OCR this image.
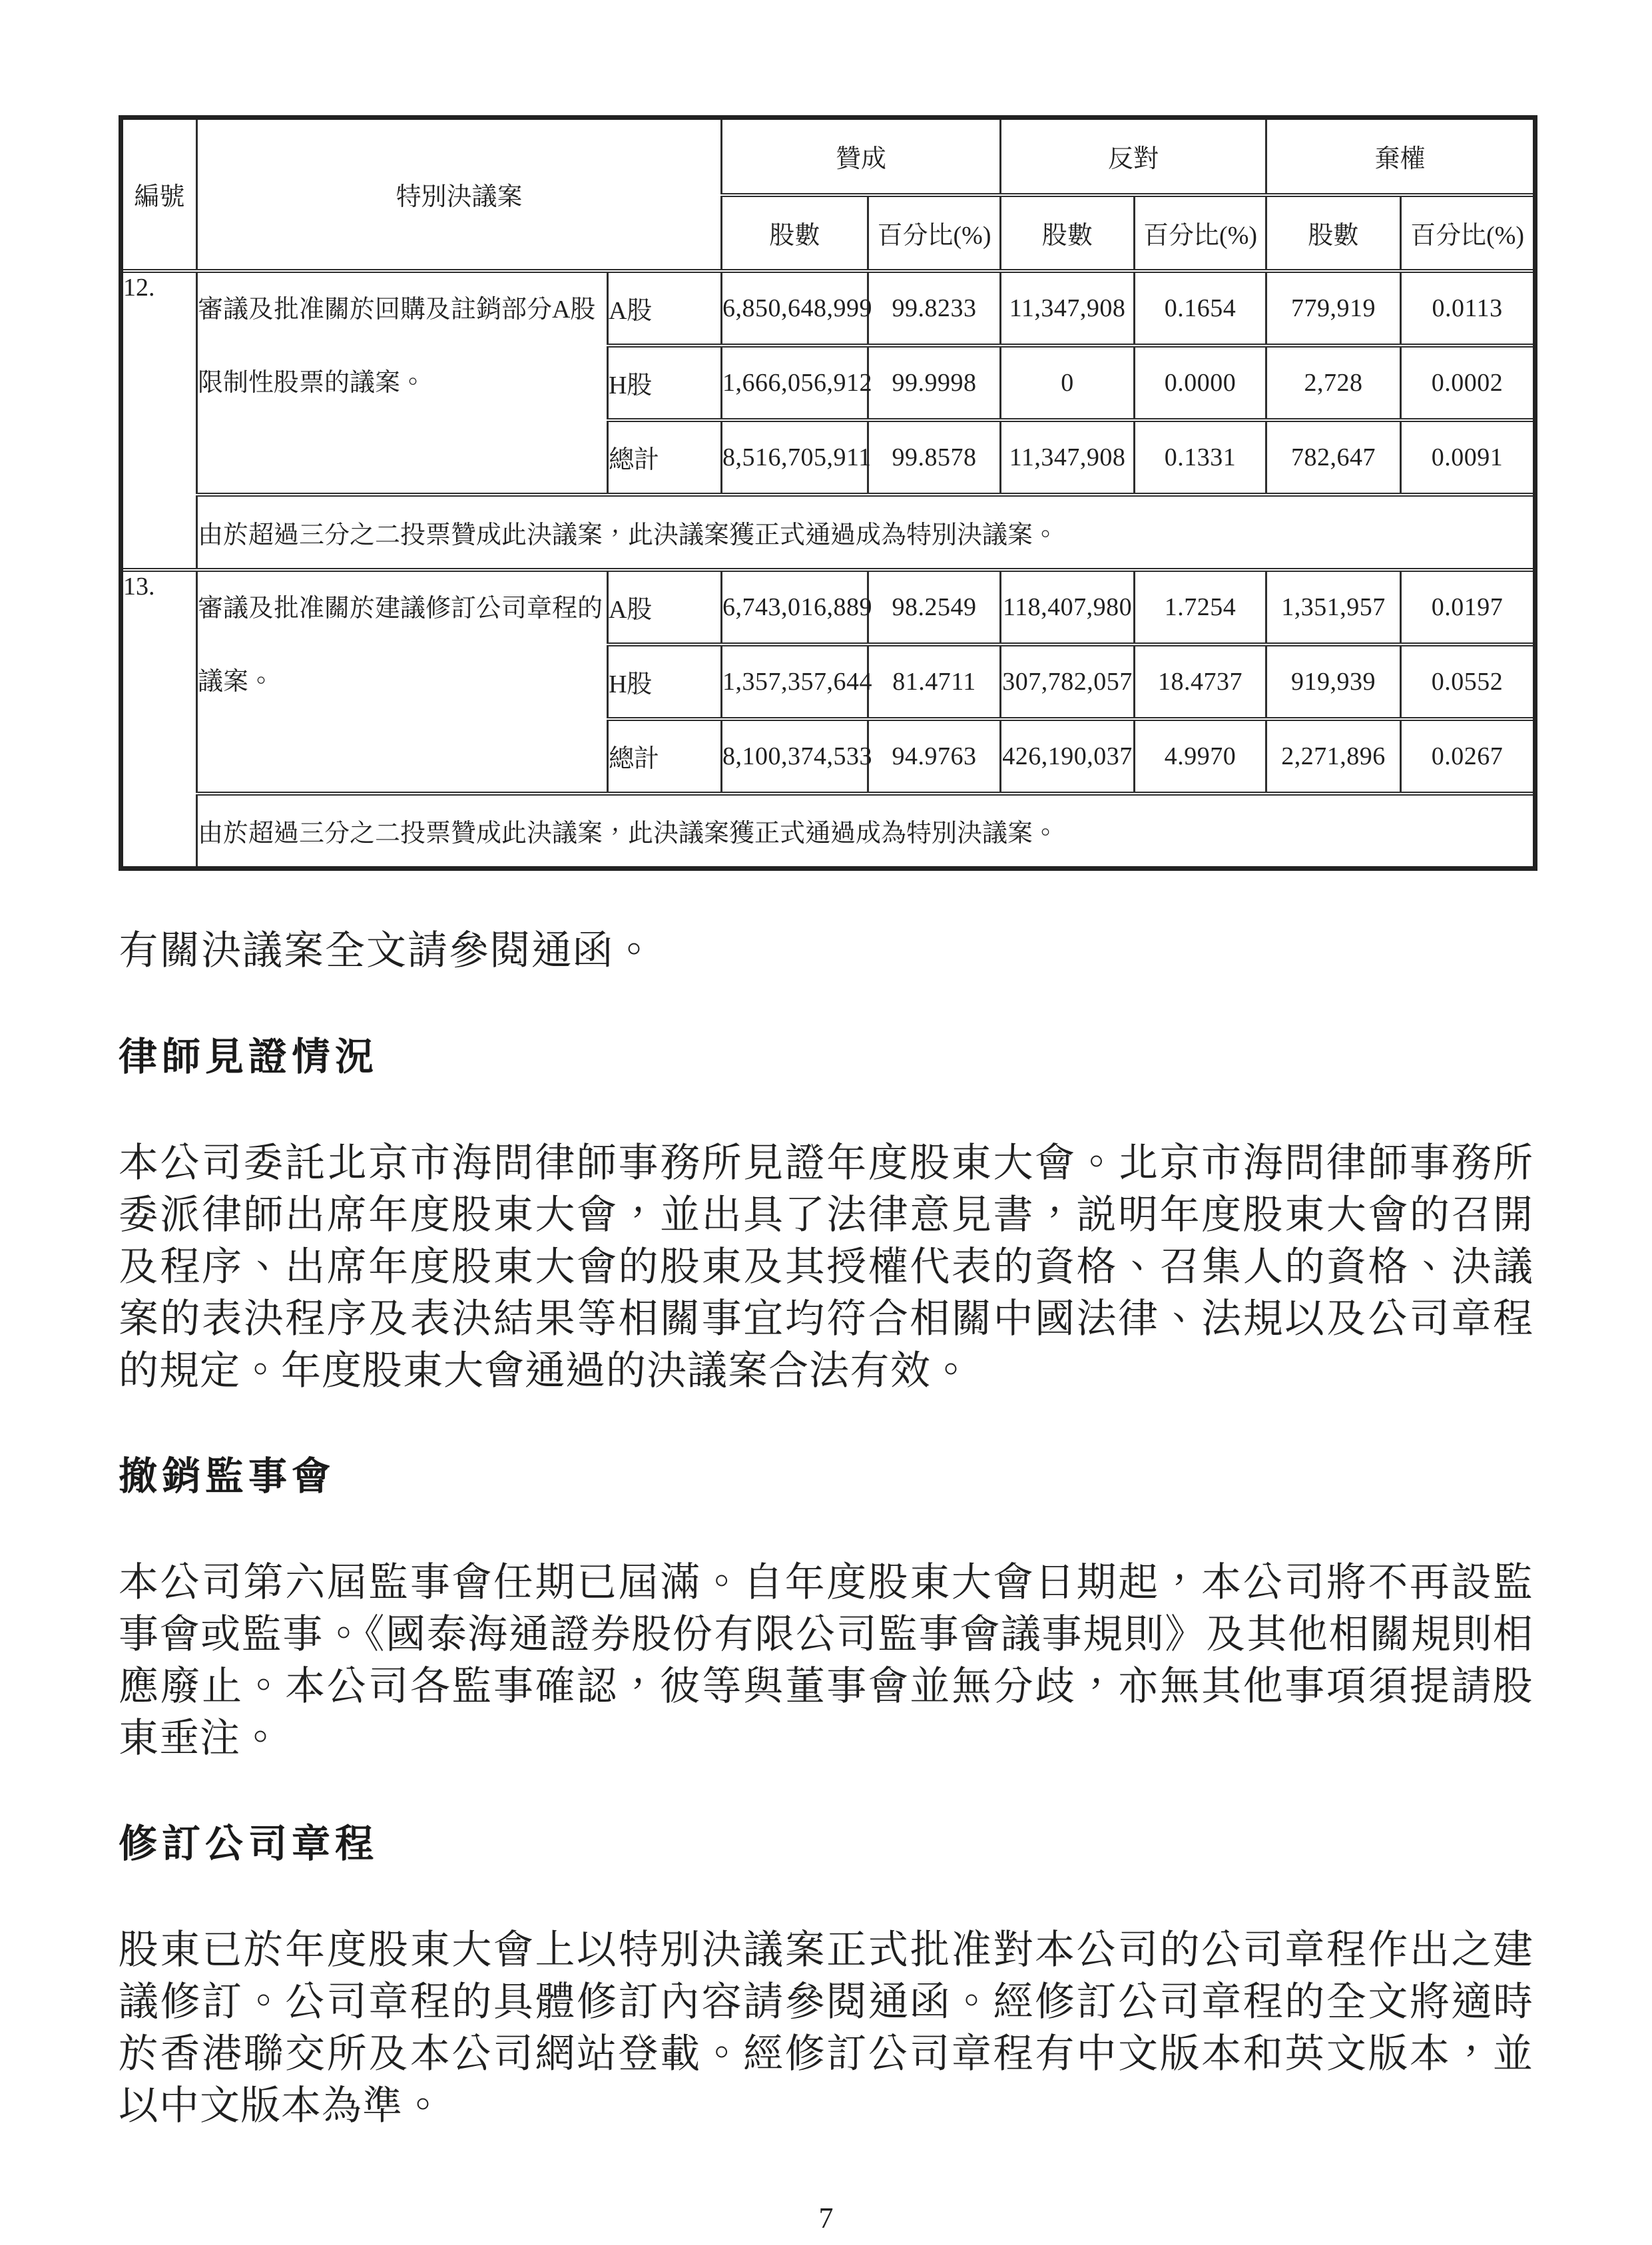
編號	特別決議案		贊成		反對		棄權	
			股數	百分比(%)	股數	百分比(%)	股數	百分比(%)
12.	審議及批准關於回購及註銷部分A股限制性股票的議案。	A股	6,850,648,999	99.8233	11,347,908	0.1654	779,919	0.0113
		H股	1,666,056,912	99.9998	0	0.0000	2,728	0.0002
		總計	8,516,705,911	99.8578	11,347,908	0.1331	782,647	0.0091
	由於超過三分之二投票贊成此決議案，此決議案獲正式通過成為特別決議案。							
13.	審議及批准關於建議修訂公司章程的議案。	A股	6,743,016,889	98.2549	118,407,980	1.7254	1,351,957	0.0197
		H股	1,357,357,644	81.4711	307,782,057	18.4737	919,939	0.0552
		總計	8,100,374,533	94.9763	426,190,037	4.9970	2,271,896	0.0267
	由於超過三分之二投票贊成此決議案，此決議案獲正式通過成為特別決議案。							

有關決議案全文請參閱通函。

律師見證情況

本公司委託北京市海問律師事務所見證年度股東大會。北京市海問律師事務所委派律師出席年度股東大會，並出具了法律意見書，説明年度股東大會的召開及程序、出席年度股東大會的股東及其授權代表的資格、召集人的資格、決議案的表決程序及表決結果等相關事宜均符合相關中國法律、法規以及公司章程的規定。年度股東大會通過的決議案合法有效。

撤銷監事會

本公司第六屆監事會任期已屆滿。自年度股東大會日期起，本公司將不再設監事會或監事。《國泰海通證券股份有限公司監事會議事規則》及其他相關規則相應廢止。本公司各監事確認，彼等與董事會並無分歧，亦無其他事項須提請股東垂注。

修訂公司章程

股東已於年度股東大會上以特別決議案正式批准對本公司的公司章程作出之建議修訂。公司章程的具體修訂內容請參閱通函。經修訂公司章程的全文將適時於香港聯交所及本公司網站登載。經修訂公司章程有中文版本和英文版本，並以中文版本為準。

7
